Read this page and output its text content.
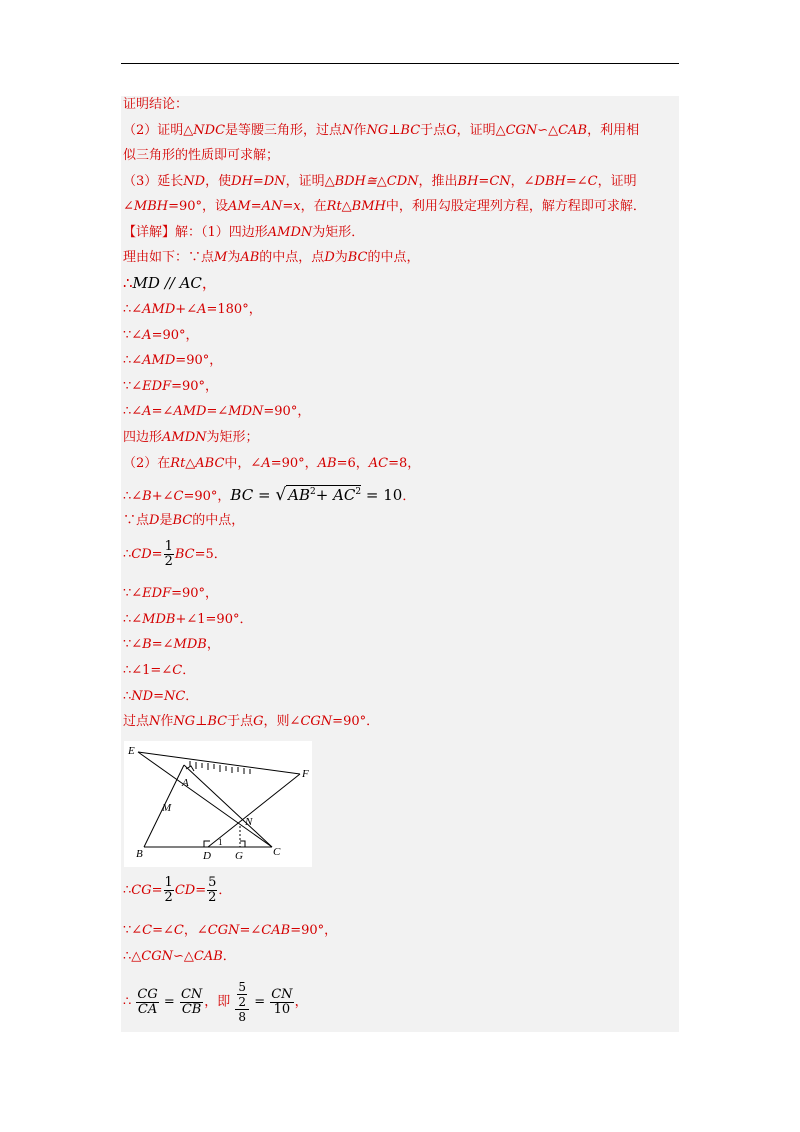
证明结论：
（2）证明△NDC是等腰三角形，过点N作NG⊥BC于点G，证明△CGN∽△CAB，利用相
似三角形的性质即可求解；
（3）延长ND，使DH=DN，证明△BDH≅△CDN，推出BH=CN，∠DBH=∠C，证明
∠MBH=90°，设AM=AN=x，在Rt△BMH中，利用勾股定理列方程，解方程即可求解．
【详解】解：（1）四边形AMDN为矩形．
理由如下：∵点M为AB的中点，点D为BC的中点，
∴MD // AC，
∴∠AMD+∠A=180°，
∵∠A=90°，
∴∠AMD=90°，
∵∠EDF=90°，
∴∠A=∠AMD=∠MDN=90°，
四边形AMDN为矩形；
（2）在Rt△ABC中，∠A=90°，AB=6，AC=8，
∴∠B+∠C=90°，BC = √ $AB^2+ AC^2 = 10$．
∵点D是BC的中点，
∴CD= $\frac{1}{2} BC=5$．
∵∠EDF=90°，
∴∠MDB+∠1=90°．
∵∠B=∠MDB，
∴∠1=∠C．
∴ND=NC．
过点N作NG⊥BC于点G，则∠CGN=90°．
E
F
A
M
N
B	D G	C
1
∴CG= $\frac{1}{2} CD= \frac{5}{2}$ ．
∵∠C=∠C，∠CGN=∠CAB=90°，
∴△CGN∽△CAB．
∴ $\frac{CG}{CA} = \frac{CN}{CB}$ ，即 5
2
$8 = \frac{CN}{10}$ ，
